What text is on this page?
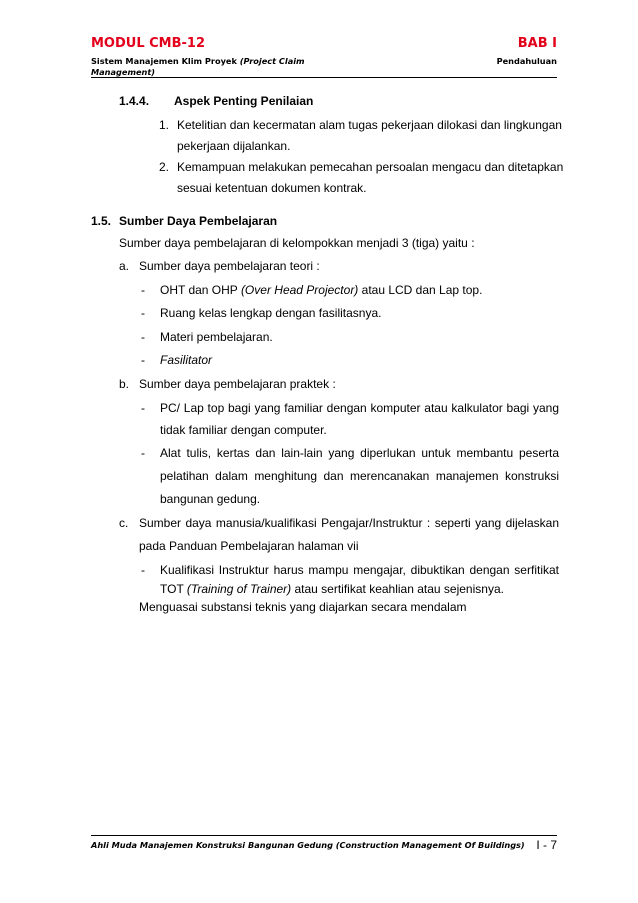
MODUL CMB-12	BAB I
Sistem Manajemen Klim Proyek (Project Claim
Management)
Pendahuluan
1.4.4. Aspek Penting Penilaian
1. Ketelitian dan kecermatan alam tugas pekerjaan dilokasi dan lingkungan
pekerjaan dijalankan.
2. Kemampuan melakukan pemecahan persoalan mengacu dan ditetapkan
sesuai ketentuan dokumen kontrak.
1.5. Sumber Daya Pembelajaran
Sumber daya pembelajaran di kelompokkan menjadi 3 (tiga) yaitu :
a. Sumber daya pembelajaran teori :
- OHT dan OHP (Over Head Projector) atau LCD dan Lap top.
- Ruang kelas lengkap dengan fasilitasnya.
- Materi pembelajaran.
- Fasilitator
b. Sumber daya pembelajaran praktek :
- PC/ Lap top bagi yang familiar dengan komputer atau kalkulator bagi yang
tidak familiar dengan computer.
- Alat tulis, kertas dan lain-lain yang diperlukan untuk membantu peserta
pelatihan dalam menghitung dan merencanakan manajemen konstruksi
bangunan gedung.
c. Sumber daya manusia/kualifikasi Pengajar/Instruktur : seperti yang dijelaskan
pada Panduan Pembelajaran halaman vii
- Kualifikasi Instruktur harus mampu mengajar, dibuktikan dengan serfitikat
TOT (Training of Trainer) atau sertifikat keahlian atau sejenisnya.
Menguasai substansi teknis yang diajarkan secara mendalam
Ahli Muda Manajemen Konstruksi Bangunan Gedung (Construction Management Of Buildings) I - 7
